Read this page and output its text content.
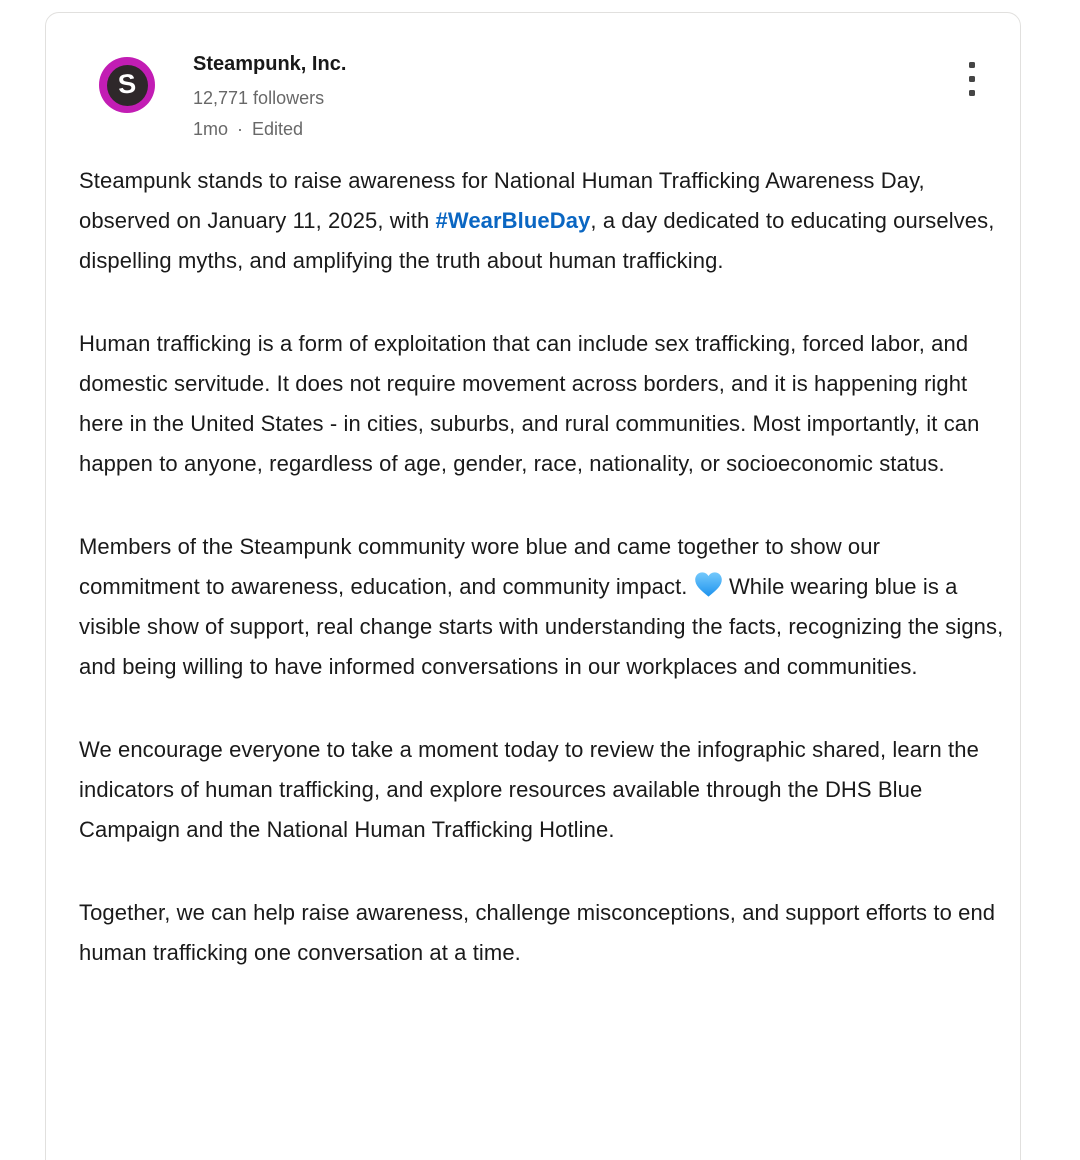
S
Steampunk, Inc.
12,771 followers
1mo · Edited

Steampunk stands to raise awareness for National Human Trafficking Awareness Day, observed on January 11, 2025, with #WearBlueDay, a day dedicated to educating ourselves, dispelling myths, and amplifying the truth about human trafficking.

Human trafficking is a form of exploitation that can include sex trafficking, forced labor, and domestic servitude. It does not require movement across borders, and it is happening right here in the United States - in cities, suburbs, and rural communities. Most importantly, it can happen to anyone, regardless of age, gender, race, nationality, or socioeconomic status.

Members of the Steampunk community wore blue and came together to show our commitment to awareness, education, and community impact.  While wearing blue is a visible show of support, real change starts with understanding the facts, recognizing the signs, and being willing to have informed conversations in our workplaces and communities.

We encourage everyone to take a moment today to review the infographic shared, learn the indicators of human trafficking, and explore resources available through the DHS Blue Campaign and the National Human Trafficking Hotline.

Together, we can help raise awareness, challenge misconceptions, and support efforts to end human trafficking one conversation at a time.
